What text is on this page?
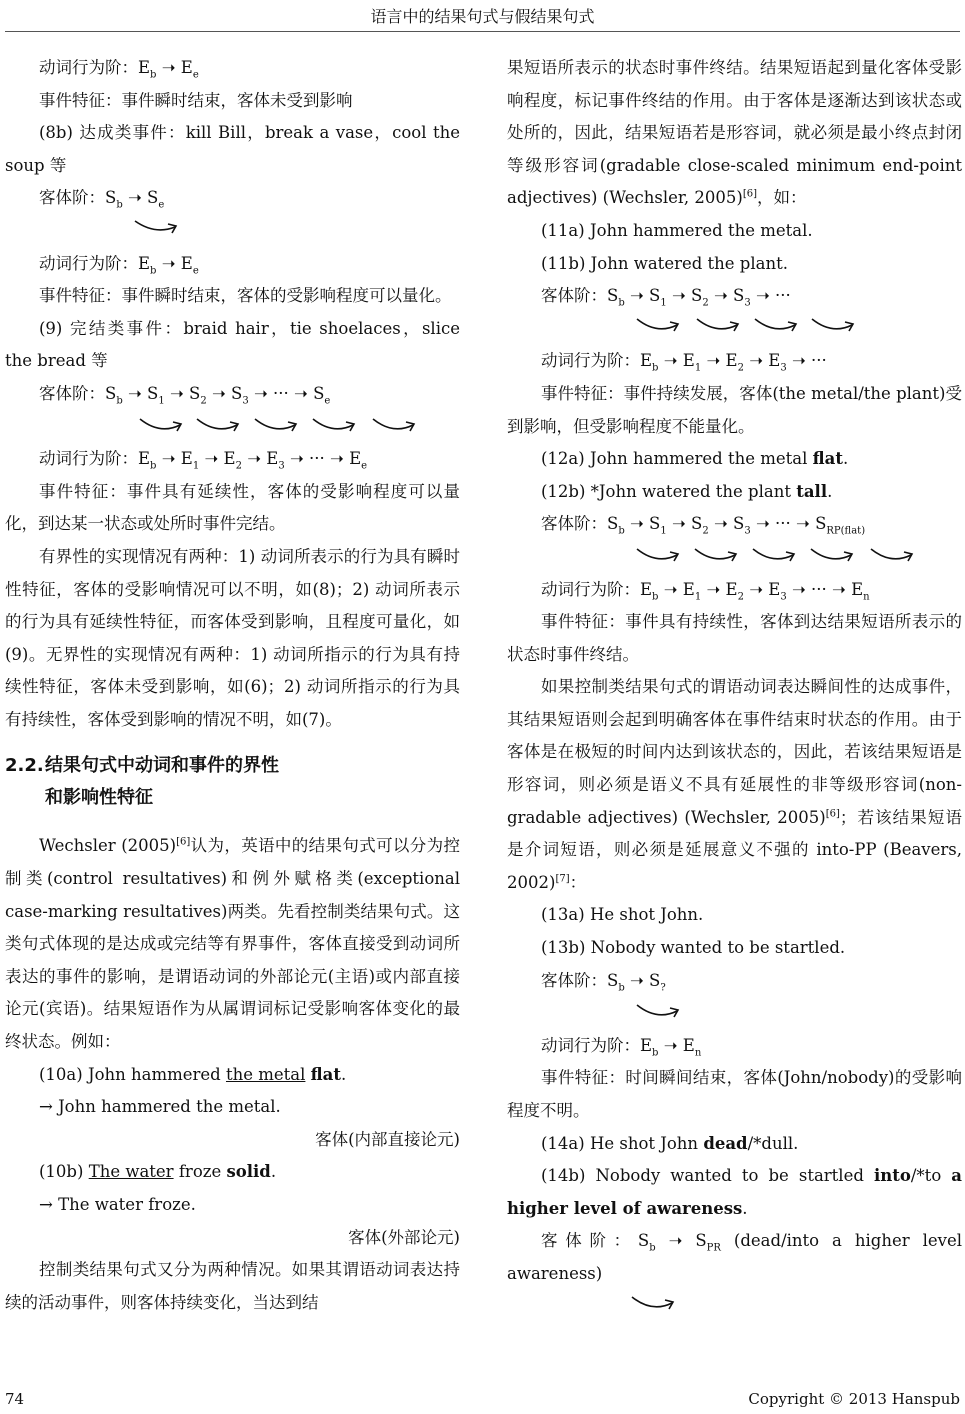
语言中的结果句式与假结果句式

动词行为阶：$E_b$ ➝ $E_e$

事件特征：事件瞬时结束，客体未受到影响

(8b) 达成类事件：kill Bill，break a vase，cool the soup 等

客体阶：$S_b$ ➝ $S_e$

动词行为阶：$E_b$ ➝ $E_e$

事件特征：事件瞬时结束，客体的受影响程度可以量化。

(9) 完结类事件：braid hair，tie shoelaces，slice the bread 等

客体阶：$S_b$ ➝ $S_1$ ➝ $S_2$ ➝ $S_3$ ➝ ··· ➝ $S_e$

动词行为阶：$E_b$ ➝ $E_1$ ➝ $E_2$ ➝ $E_3$ ➝ ··· ➝ $E_e$

事件特征：事件具有延续性，客体的受影响程度可以量化，到达某一状态或处所时事件完结。

有界性的实现情况有两种：1) 动词所表示的行为具有瞬时性特征，客体的受影响情况可以不明，如(8)；2) 动词所表示的行为具有延续性特征，而客体受到影响，且程度可量化，如(9)。无界性的实现情况有两种：1) 动词所指示的行为具有持续性特征，客体未受到影响，如(6)；2) 动词所指示的行为具有持续性，客体受到影响的情况不明，如(7)。

2.2.结果句式中动词和事件的界性
和影响性特征

Wechsler (2005)[6]认为，英语中的结果句式可以分为控制类(control resultatives)和例外赋格类(exceptional case-marking resultatives)两类。先看控制类结果句式。这类句式体现的是达成或完结等有界事件，客体直接受到动词所表达的事件的影响，是谓语动词的外部论元(主语)或内部直接论元(宾语)。结果短语作为从属谓词标记受影响客体变化的最终状态。例如：

(10a) John hammered the metal flat.

→ John hammered the metal.

客体(内部直接论元)

(10b) The water froze solid.

→ The water froze.

客体(外部论元)

控制类结果句式又分为两种情况。如果其谓语动词表达持续的活动事件，则客体持续变化，当达到结

果短语所表示的状态时事件终结。结果短语起到量化客体受影响程度，标记事件终结的作用。由于客体是逐渐达到该状态或处所的，因此，结果短语若是形容词，就必须是最小终点封闭等级形容词(gradable close-scaled minimum end-point adjectives) (Wechsler, 2005)[6]，如：

(11a) John hammered the metal.

(11b) John watered the plant.

客体阶：$S_b$ ➝ $S_1$ ➝ $S_2$ ➝ $S_3$ ➝ ···

动词行为阶：$E_b$ ➝ $E_1$ ➝ $E_2$ ➝ $E_3$ ➝ ···

事件特征：事件持续发展，客体(the metal/the plant)受到影响，但受影响程度不能量化。

(12a) John hammered the metal flat.

(12b) *John watered the plant tall.

客体阶：$S_b$ ➝ $S_1$ ➝ $S_2$ ➝ $S_3$ ➝ ··· ➝ $S_{RP(flat)}$

动词行为阶：$E_b$ ➝ $E_1$ ➝ $E_2$ ➝ $E_3$ ➝ ··· ➝ $E_n$

事件特征：事件具有持续性，客体到达结果短语所表示的状态时事件终结。

如果控制类结果句式的谓语动词表达瞬间性的达成事件，其结果短语则会起到明确客体在事件结束时状态的作用。由于客体是在极短的时间内达到该状态的，因此，若该结果短语是形容词，则必须是语义不具有延展性的非等级形容词(non-gradable adjectives) (Wechsler, 2005)[6]；若该结果短语是介词短语，则必须是延展意义不强的 into-PP (Beavers, 2002)[7]：

(13a) He shot John.

(13b) Nobody wanted to be startled.

客体阶：$S_b$ ➝ $S_?$

动词行为阶：$E_b$ ➝ $E_n$

事件特征：时间瞬间结束，客体(John/nobody)的受影响程度不明。

(14a) He shot John dead/*dull.

(14b) Nobody wanted to be startled into/*to a higher level of awareness.

客体阶：$S_b$ ➝ $S_{PR}$ (dead/into a higher level awareness)

74	Copyright © 2013 Hanspub
